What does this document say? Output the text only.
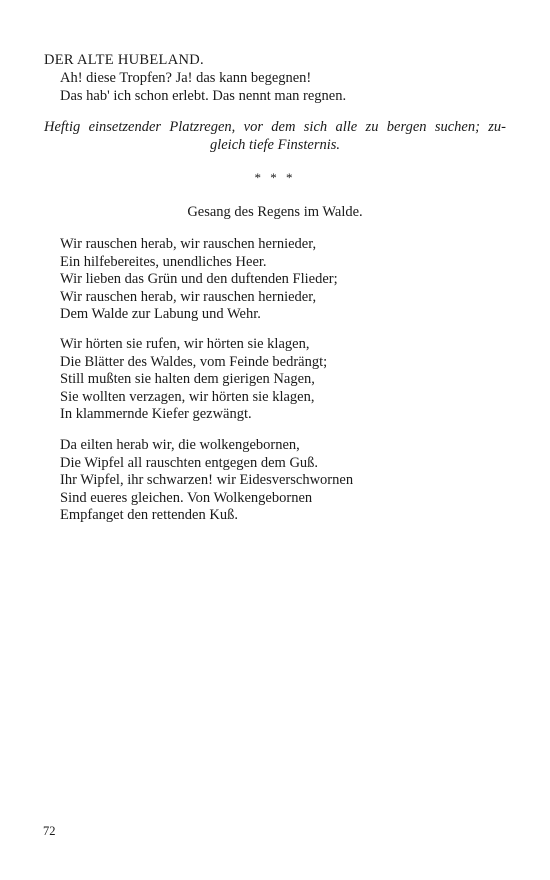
DER ALTE HUBELAND.
Ah! diese Tropfen? Ja! das kann begegnen!
Das hab' ich schon erlebt. Das nennt man regnen.
Heftig einsetzender Platzregen, vor dem sich alle zu bergen suchen; zu-
gleich tiefe Finsternis.
* * *
Gesang des Regens im Walde.
Wir rauschen herab, wir rauschen hernieder,
Ein hilfebereites, unendliches Heer.
Wir lieben das Grün und den duftenden Flieder;
Wir rauschen herab, wir rauschen hernieder,
Dem Walde zur Labung und Wehr.
Wir hörten sie rufen, wir hörten sie klagen,
Die Blätter des Waldes, vom Feinde bedrängt;
Still mußten sie halten dem gierigen Nagen,
Sie wollten verzagen, wir hörten sie klagen,
In klammernde Kiefer gezwängt.
Da eilten herab wir, die wolkengebornen,
Die Wipfel all rauschten entgegen dem Guß.
Ihr Wipfel, ihr schwarzen! wir Eidesverschwornen
Sind eueres gleichen. Von Wolkengebornen
Empfanget den rettenden Kuß.
72
